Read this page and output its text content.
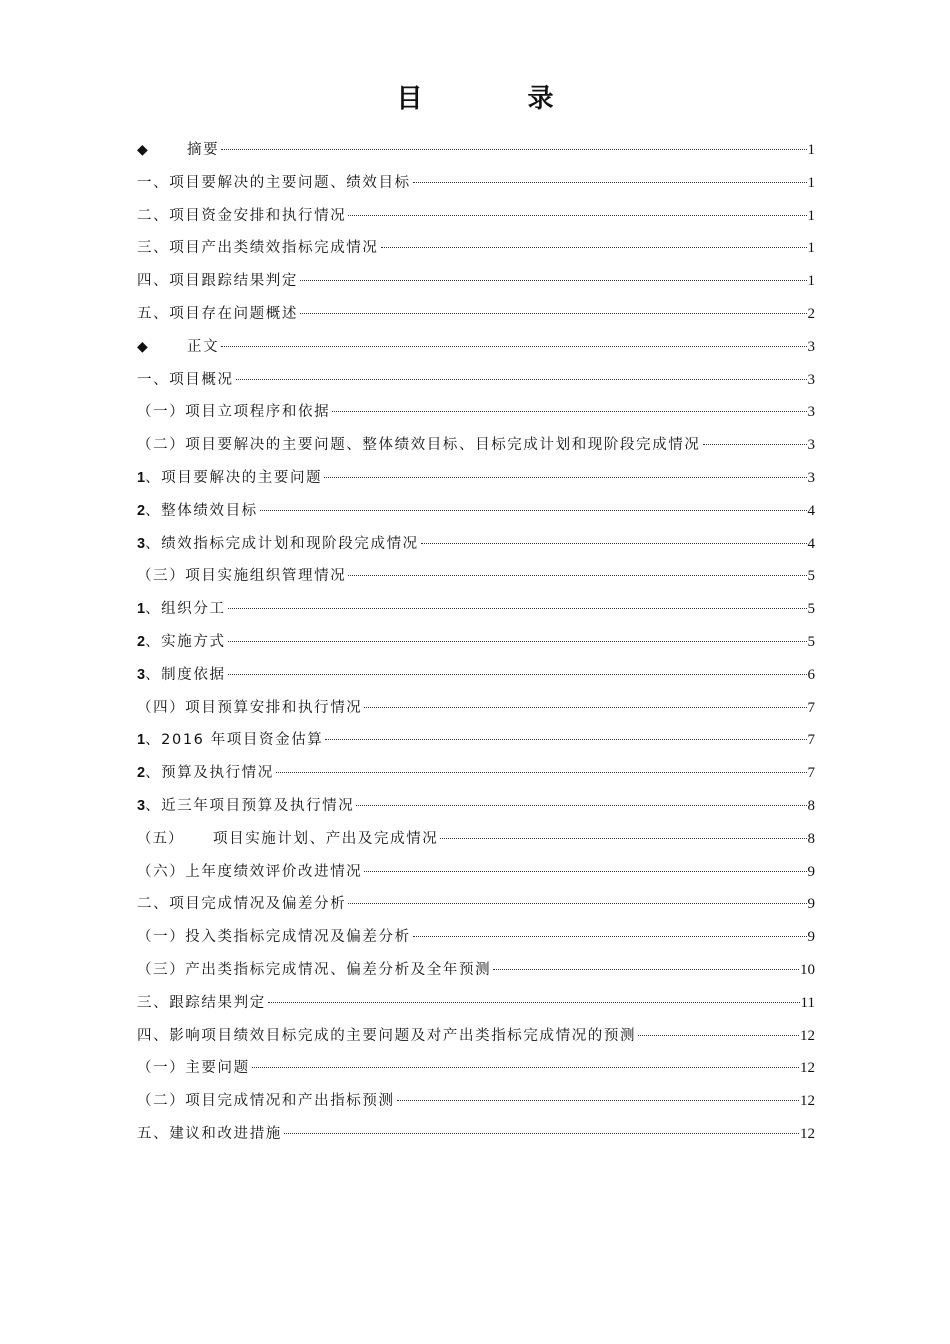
目 录
◆	摘要	1
一、项目要解决的主要问题、绩效目标	1
二、项目资金安排和执行情况	1
三、项目产出类绩效指标完成情况	1
四、项目跟踪结果判定	1
五、项目存在问题概述	2
◆	正文	3
一、项目概况	3
（一）项目立项程序和依据	3
（二）项目要解决的主要问题、整体绩效目标、目标完成计划和现阶段完成情况	3
1、项目要解决的主要问题	3
2、整体绩效目标	4
3、绩效指标完成计划和现阶段完成情况	4
（三）项目实施组织管理情况	5
1、组织分工	5
2、实施方式	5
3、制度依据	6
（四）项目预算安排和执行情况	7
1、2016 年项目资金估算	7
2、预算及执行情况	7
3、近三年项目预算及执行情况	8
（五） 项目实施计划、产出及完成情况	8
（六）上年度绩效评价改进情况	9
二、项目完成情况及偏差分析	9
（一）投入类指标完成情况及偏差分析	9
（三）产出类指标完成情况、偏差分析及全年预测	10
三、跟踪结果判定	11
四、影响项目绩效目标完成的主要问题及对产出类指标完成情况的预测	12
（一）主要问题	12
（二）项目完成情况和产出指标预测	12
五、建议和改进措施	12
